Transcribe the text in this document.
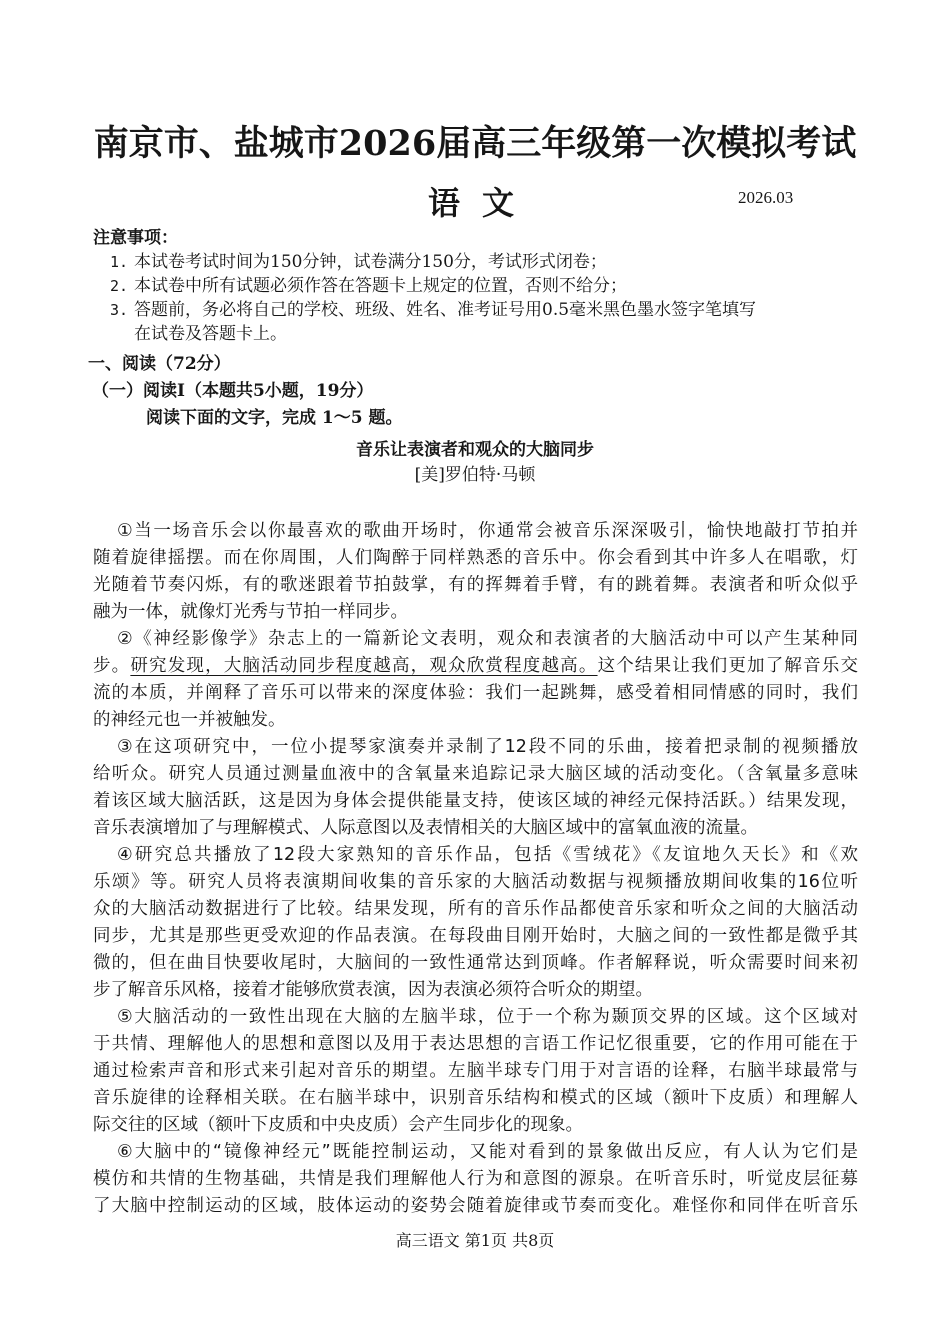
南京市、盐城市2026届高三年级第一次模拟考试
语文	2026.03
注意事项：
1. 本试卷考试时间为150分钟，试卷满分150分，考试形式闭卷；
2. 本试卷中所有试题必须作答在答题卡上规定的位置，否则不给分；
3. 答题前，务必将自己的学校、班级、姓名、准考证号用0.5毫米黑色墨水签字笔填写
在试卷及答题卡上。
一、阅读（72分）
（一）阅读Ⅰ（本题共5小题，19分）
阅读下面的文字，完成 1～5 题。
音乐让表演者和观众的大脑同步
[美]罗伯特·马顿
①当一场音乐会以你最喜欢的歌曲开场时，你通常会被音乐深深吸引，愉快地敲打节拍并
随着旋律摇摆。而在你周围，人们陶醉于同样熟悉的音乐中。你会看到其中许多人在唱歌，灯
光随着节奏闪烁，有的歌迷跟着节拍鼓掌，有的挥舞着手臂，有的跳着舞。表演者和听众似乎
融为一体，就像灯光秀与节拍一样同步。
②《神经影像学》杂志上的一篇新论文表明，观众和表演者的大脑活动中可以产生某种同
步。研究发现，大脑活动同步程度越高，观众欣赏程度越高。这个结果让我们更加了解音乐交
流的本质，并阐释了音乐可以带来的深度体验：我们一起跳舞，感受着相同情感的同时，我们
的神经元也一并被触发。
③在这项研究中，一位小提琴家演奏并录制了12段不同的乐曲，接着把录制的视频播放
给听众。研究人员通过测量血液中的含氧量来追踪记录大脑区域的活动变化。（含氧量多意味
着该区域大脑活跃，这是因为身体会提供能量支持，使该区域的神经元保持活跃。）结果发现，
音乐表演增加了与理解模式、人际意图以及表情相关的大脑区域中的富氧血液的流量。
④研究总共播放了12段大家熟知的音乐作品，包括《雪绒花》《友谊地久天长》和《欢
乐颂》等。研究人员将表演期间收集的音乐家的大脑活动数据与视频播放期间收集的16位听
众的大脑活动数据进行了比较。结果发现，所有的音乐作品都使音乐家和听众之间的大脑活动
同步，尤其是那些更受欢迎的作品表演。在每段曲目刚开始时，大脑之间的一致性都是微乎其
微的，但在曲目快要收尾时，大脑间的一致性通常达到顶峰。作者解释说，听众需要时间来初
步了解音乐风格，接着才能够欣赏表演，因为表演必须符合听众的期望。
⑤大脑活动的一致性出现在大脑的左脑半球，位于一个称为颞顶交界的区域。这个区域对
于共情、理解他人的思想和意图以及用于表达思想的言语工作记忆很重要，它的作用可能在于
通过检索声音和形式来引起对音乐的期望。左脑半球专门用于对言语的诠释，右脑半球最常与
音乐旋律的诠释相关联。在右脑半球中，识别音乐结构和模式的区域（额叶下皮质）和理解人
际交往的区域（额叶下皮质和中央皮质）会产生同步化的现象。
⑥大脑中的“镜像神经元”既能控制运动，又能对看到的景象做出反应，有人认为它们是
模仿和共情的生物基础，共情是我们理解他人行为和意图的源泉。在听音乐时，听觉皮层征募
了大脑中控制运动的区域，肢体运动的姿势会随着旋律或节奏而变化。难怪你和同伴在听音乐
高三语文 第1页 共8页
